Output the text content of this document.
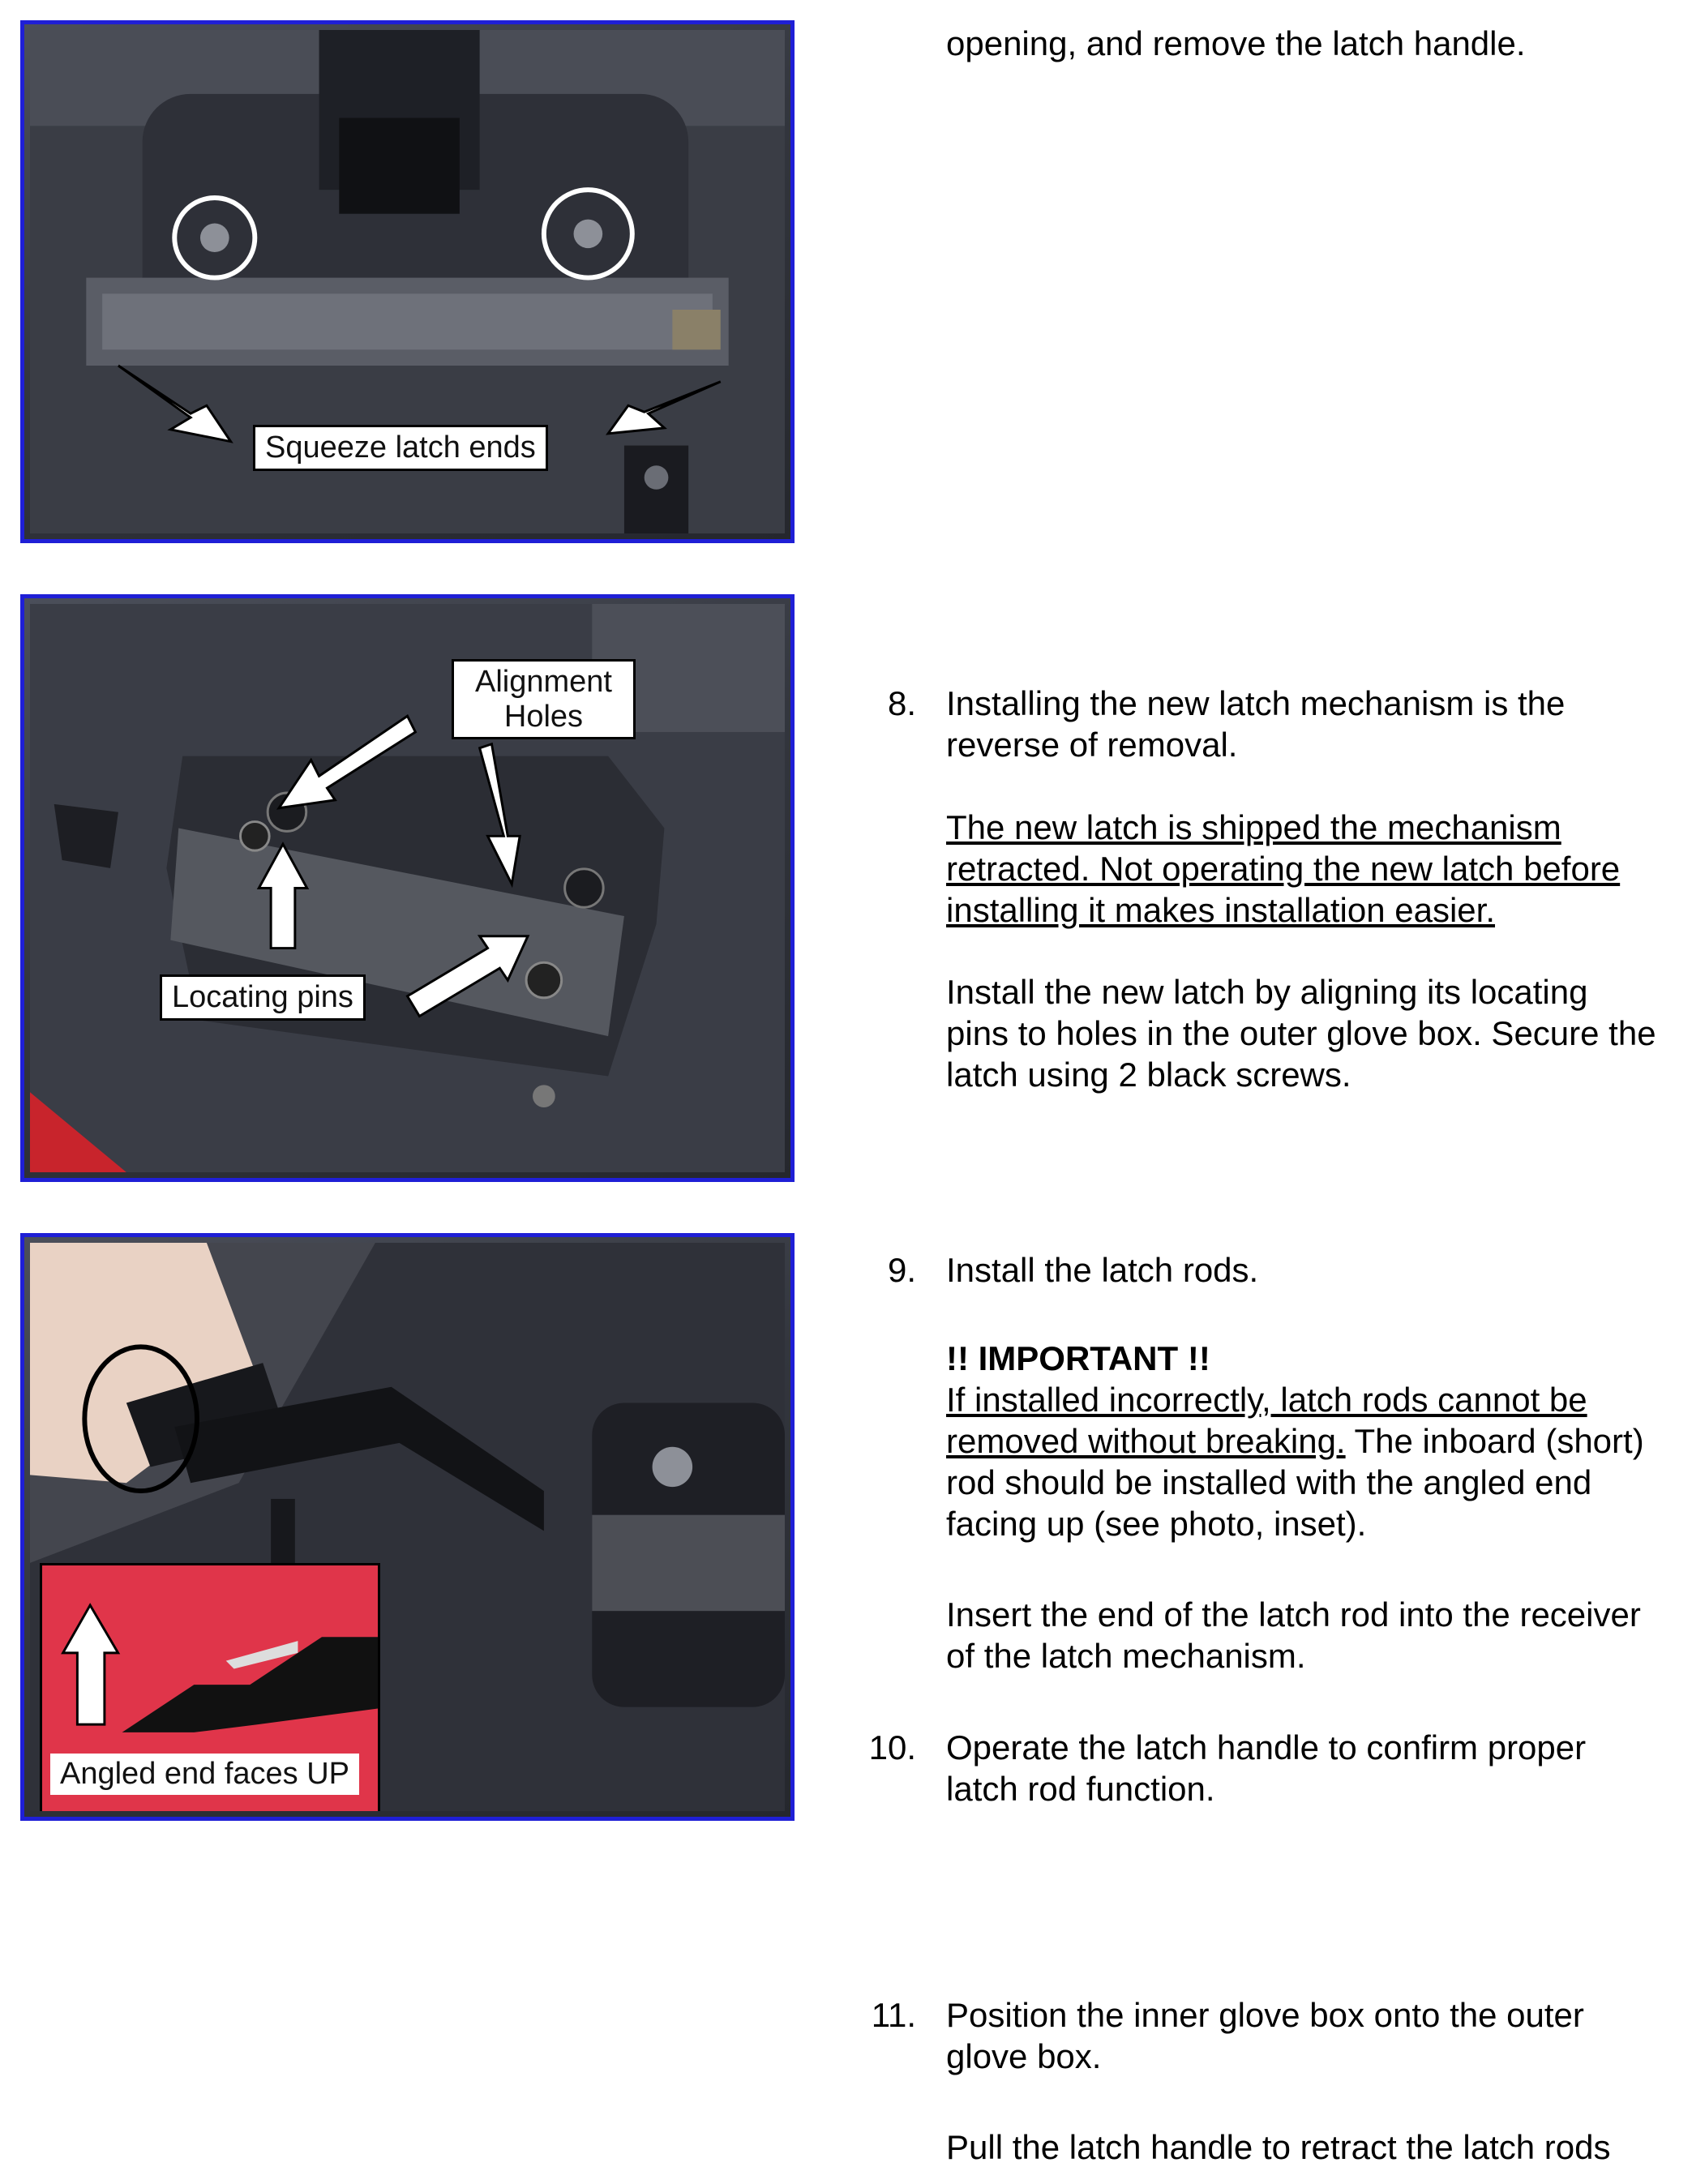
Squeeze latch ends
Alignment
Holes
Locating pins
Angled end faces UP

opening, and remove the latch handle.

8. Installing the new latch mechanism is the reverse of removal.

The new latch is shipped the mechanism retracted. Not operating the new latch before installing it makes installation easier.

Install the new latch by aligning its locating pins to holes in the outer glove box. Secure the latch using 2 black screws.

9. Install the latch rods.

!! IMPORTANT !!

If installed incorrectly, latch rods cannot be removed without breaking. The inboard (short) rod should be installed with the angled end facing up (see photo, inset).

Insert the end of the latch rod into the receiver of the latch mechanism.

10. Operate the latch handle to confirm proper latch rod function.

11. Position the inner glove box onto the outer glove box.

Pull the latch handle to retract the latch rods
